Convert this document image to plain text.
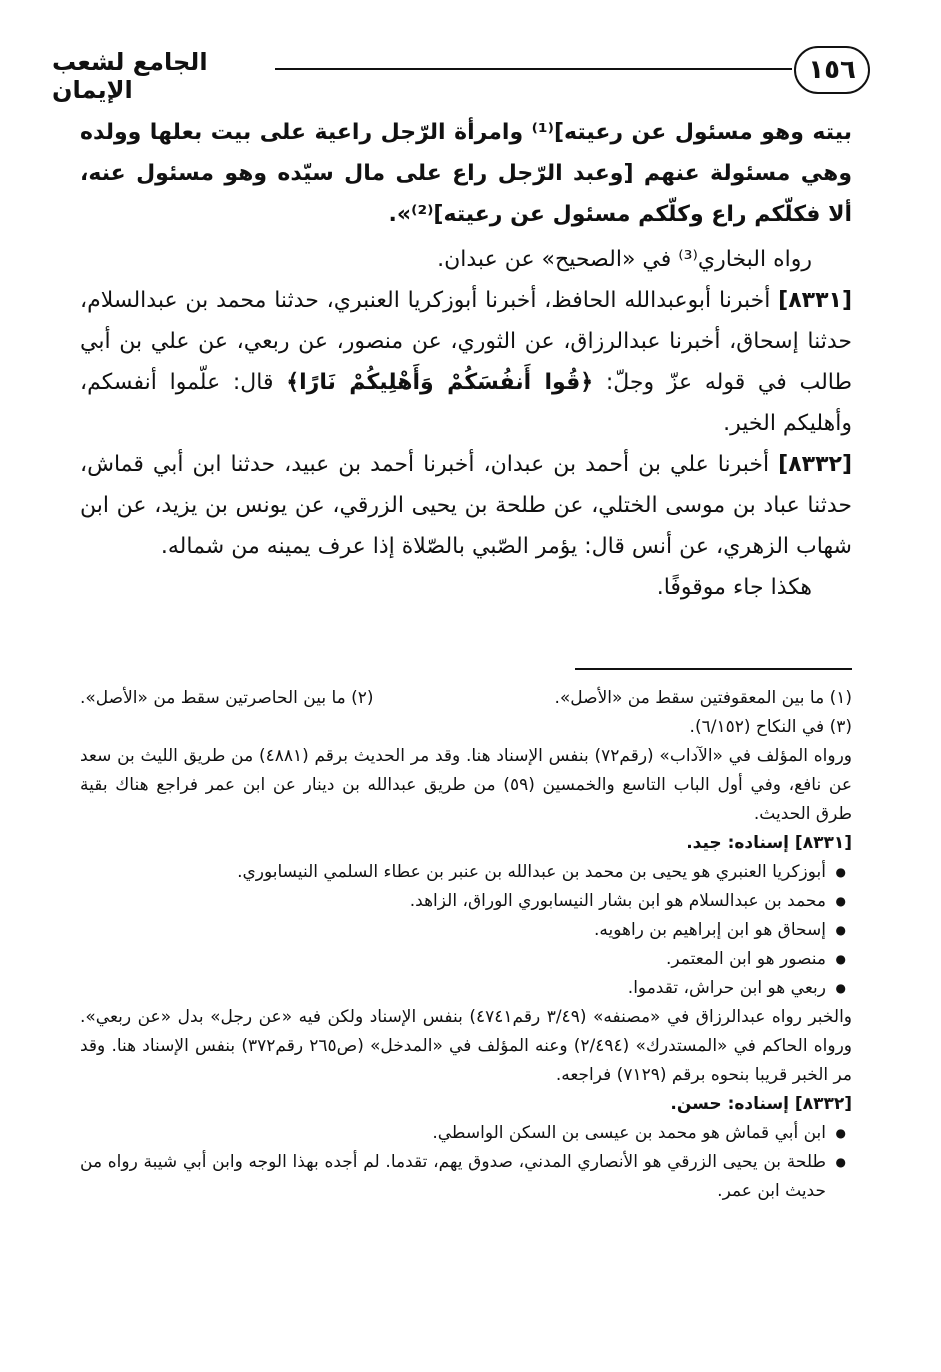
١٥٦
الجامع لشعب الإيمان

بيته وهو مسئول عن رعيته]⁽¹⁾ وامرأة الرّجل راعية على بيت بعلها وولده وهي مسئولة عنهم [وعبد الرّجل راع على مال سيّده وهو مسئول عنه، ألا فكلّكم راع وكلّكم مسئول عن رعيته]⁽²⁾».

رواه البخاري⁽³⁾ في «الصحيح» عن عبدان.

[٨٣٣١] أخبرنا أبوعبدالله الحافظ، أخبرنا أبوزكريا العنبري، حدثنا محمد بن عبدالسلام، حدثنا إسحاق، أخبرنا عبدالرزاق، عن الثوري، عن منصور، عن ربعي، عن علي بن أبي طالب في قوله عزّ وجلّ: ﴿قُوا أَنفُسَكُمْ وَأَهْلِيكُمْ نَارًا﴾ قال: علّموا أنفسكم، وأهليكم الخير.

[٨٣٣٢] أخبرنا علي بن أحمد بن عبدان، أخبرنا أحمد بن عبيد، حدثنا ابن أبي قماش، حدثنا عباد بن موسى الختلي، عن طلحة بن يحيى الزرقي، عن يونس بن يزيد، عن ابن شهاب الزهري، عن أنس قال: يؤمر الصّبي بالصّلاة إذا عرف يمينه من شماله.

هكذا جاء موقوفًا.

(١) ما بين المعقوفتين سقط من «الأصل».
(٢) ما بين الحاصرتين سقط من «الأصل».

(٣) في النكاح (٦/١٥٢).

ورواه المؤلف في «الآداب» (رقم٧٢) بنفس الإسناد هنا. وقد مر الحديث برقم (٤٨٨١) من طريق الليث بن سعد عن نافع، وفي أول الباب التاسع والخمسين (٥٩) من طريق عبدالله بن دينار عن ابن عمر فراجع هناك بقية طرق الحديث.

[٨٣٣١] إسناده: جيد.

● أبوزكريا العنبري هو يحيى بن محمد بن عبدالله بن عنبر بن عطاء السلمي النيسابوري.
● محمد بن عبدالسلام هو ابن بشار النيسابوري الوراق، الزاهد.
● إسحاق هو ابن إبراهيم بن راهويه.
● منصور هو ابن المعتمر.
● ربعي هو ابن حراش، تقدموا.

والخبر رواه عبدالرزاق في «مصنفه» (٣/٤٩ رقم٤٧٤١) بنفس الإسناد ولكن فيه «عن رجل» بدل «عن ربعي». ورواه الحاكم في «المستدرك» (٢/٤٩٤) وعنه المؤلف في «المدخل» (ص٢٦٥ رقم٣٧٢) بنفس الإسناد هنا. وقد مر الخبر قريبا بنحوه برقم (٧١٢٩) فراجعه.

[٨٣٣٢] إسناده: حسن.

● ابن أبي قماش هو محمد بن عيسى بن السكن الواسطي.
● طلحة بن يحيى الزرقي هو الأنصاري المدني، صدوق يهم، تقدما. لم أجده بهذا الوجه وابن أبي شيبة رواه من حديث ابن عمر.
